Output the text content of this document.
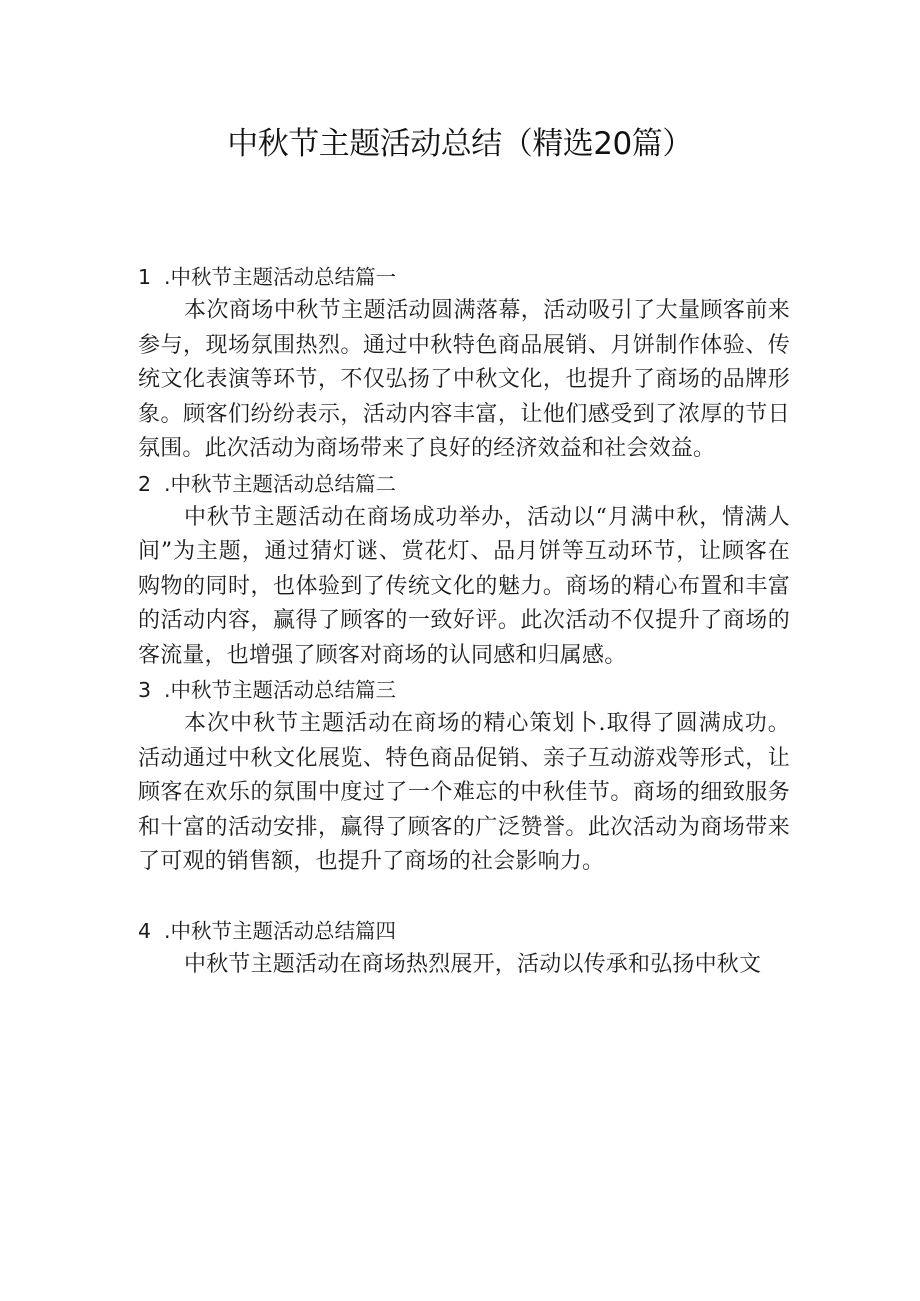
中秋节主题活动总结（精选20篇）

1 .中秋节主题活动总结篇一

本次商场中秋节主题活动圆满落幕，活动吸引了大量顾客前来参与，现场氛围热烈。通过中秋特色商品展销、月饼制作体验、传统文化表演等环节，不仅弘扬了中秋文化，也提升了商场的品牌形象。顾客们纷纷表示，活动内容丰富，让他们感受到了浓厚的节日氛围。此次活动为商场带来了良好的经济效益和社会效益。

2 .中秋节主题活动总结篇二

中秋节主题活动在商场成功举办，活动以“月满中秋，情满人间”为主题，通过猜灯谜、赏花灯、品月饼等互动环节，让顾客在购物的同时，也体验到了传统文化的魅力。商场的精心布置和丰富的活动内容，赢得了顾客的一致好评。此次活动不仅提升了商场的客流量，也增强了顾客对商场的认同感和归属感。

3 .中秋节主题活动总结篇三

本次中秋节主题活动在商场的精心策划卜.取得了圆满成功。活动通过中秋文化展览、特色商品促销、亲子互动游戏等形式，让顾客在欢乐的氛围中度过了一个难忘的中秋佳节。商场的细致服务和十富的活动安排，赢得了顾客的广泛赞誉。此次活动为商场带来了可观的销售额，也提升了商场的社会影响力。

4 .中秋节主题活动总结篇四

中秋节主题活动在商场热烈展开，活动以传承和弘扬中秋文
